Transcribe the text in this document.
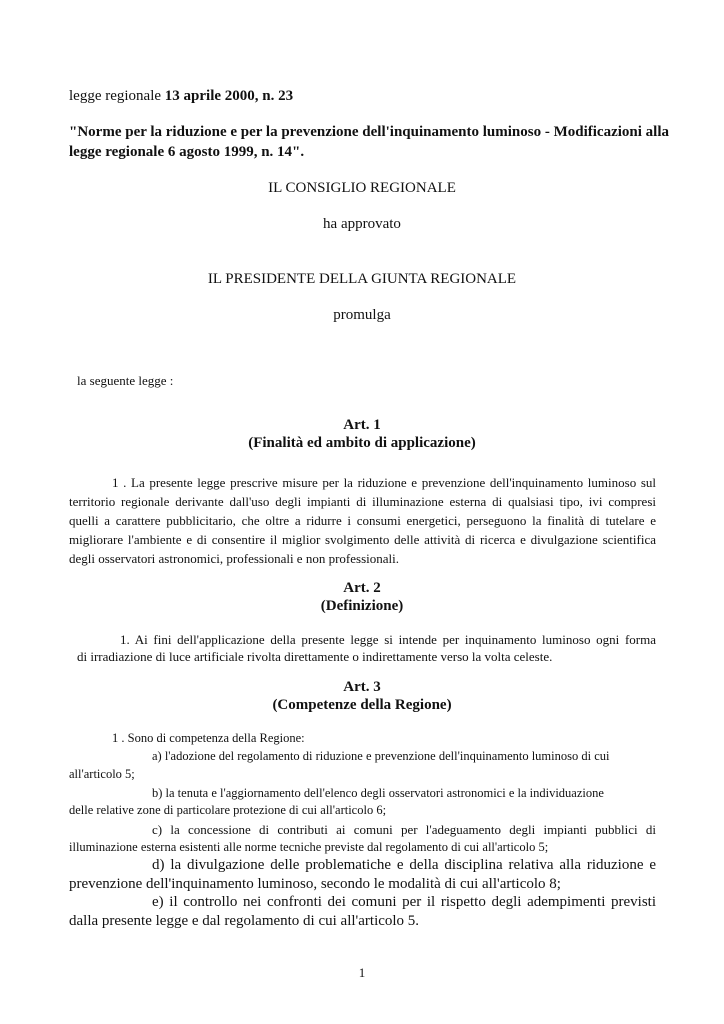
legge regionale 13 aprile 2000, n. 23
"Norme per la riduzione e per la prevenzione dell'inquinamento luminoso - Modificazioni alla
legge regionale 6 agosto 1999, n. 14".
IL CONSIGLIO REGIONALE
ha approvato
IL PRESIDENTE DELLA GIUNTA REGIONALE
promulga
la seguente legge :
Art. 1
(Finalità ed ambito di applicazione)
1 . La presente legge prescrive misure per la riduzione e prevenzione dell'inquinamento luminoso sul
territorio regionale derivante dall'uso degli impianti di illuminazione esterna di qualsiasi tipo, ivi compresi
quelli a carattere pubblicitario, che oltre a ridurre i consumi energetici, perseguono la finalità di tutelare e
migliorare l'ambiente e di consentire il miglior svolgimento delle attività di ricerca e divulgazione scientifica
degli osservatori astronomici, professionali e non professionali.
Art. 2
(Definizione)
1. Ai fini dell'applicazione della presente legge si intende per inquinamento luminoso ogni forma
di irradiazione di luce artificiale rivolta direttamente o indirettamente verso la volta celeste.
Art. 3
(Competenze della Regione)
1 . Sono di competenza della Regione:
a) l'adozione del regolamento di riduzione e prevenzione dell'inquinamento luminoso di cui
all'articolo 5;
b) la tenuta e l'aggiornamento dell'elenco degli osservatori astronomici e la individuazione
delle relative zone di particolare protezione di cui all'articolo 6;
c) la concessione di contributi ai comuni per l'adeguamento degli impianti pubblici di
illuminazione esterna esistenti alle norme tecniche previste dal regolamento di cui all'articolo 5;
d) la divulgazione delle problematiche e della disciplina relativa alla riduzione e
prevenzione dell'inquinamento luminoso, secondo le modalità di cui all'articolo 8;
e) il controllo nei confronti dei comuni per il rispetto degli adempimenti previsti
dalla presente legge e dal regolamento di cui all'articolo 5.
1
